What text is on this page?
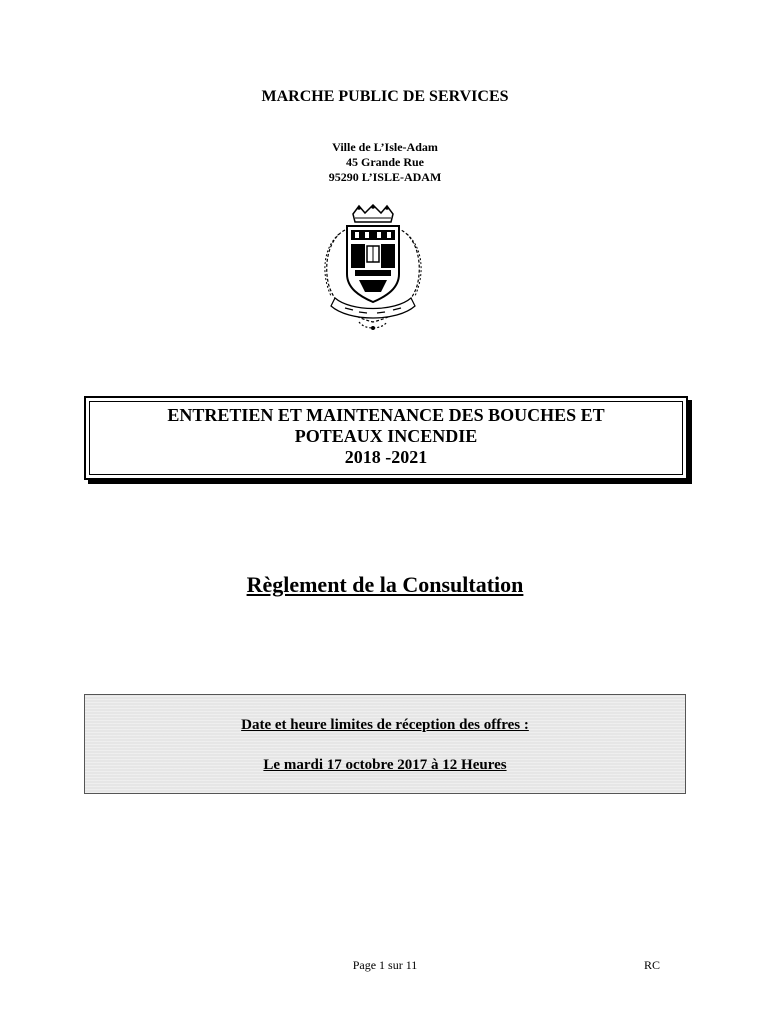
MARCHE PUBLIC DE SERVICES
Ville de L’Isle-Adam
45 Grande Rue
95290 L’ISLE-ADAM
ENTRETIEN ET MAINTENANCE DES BOUCHES ET
POTEAUX INCENDIE
2018 -2021
Règlement de la Consultation
Date et heure limites de réception des offres :
Le mardi 17 octobre 2017 à 12 Heures
Page 1 sur 11	RC
